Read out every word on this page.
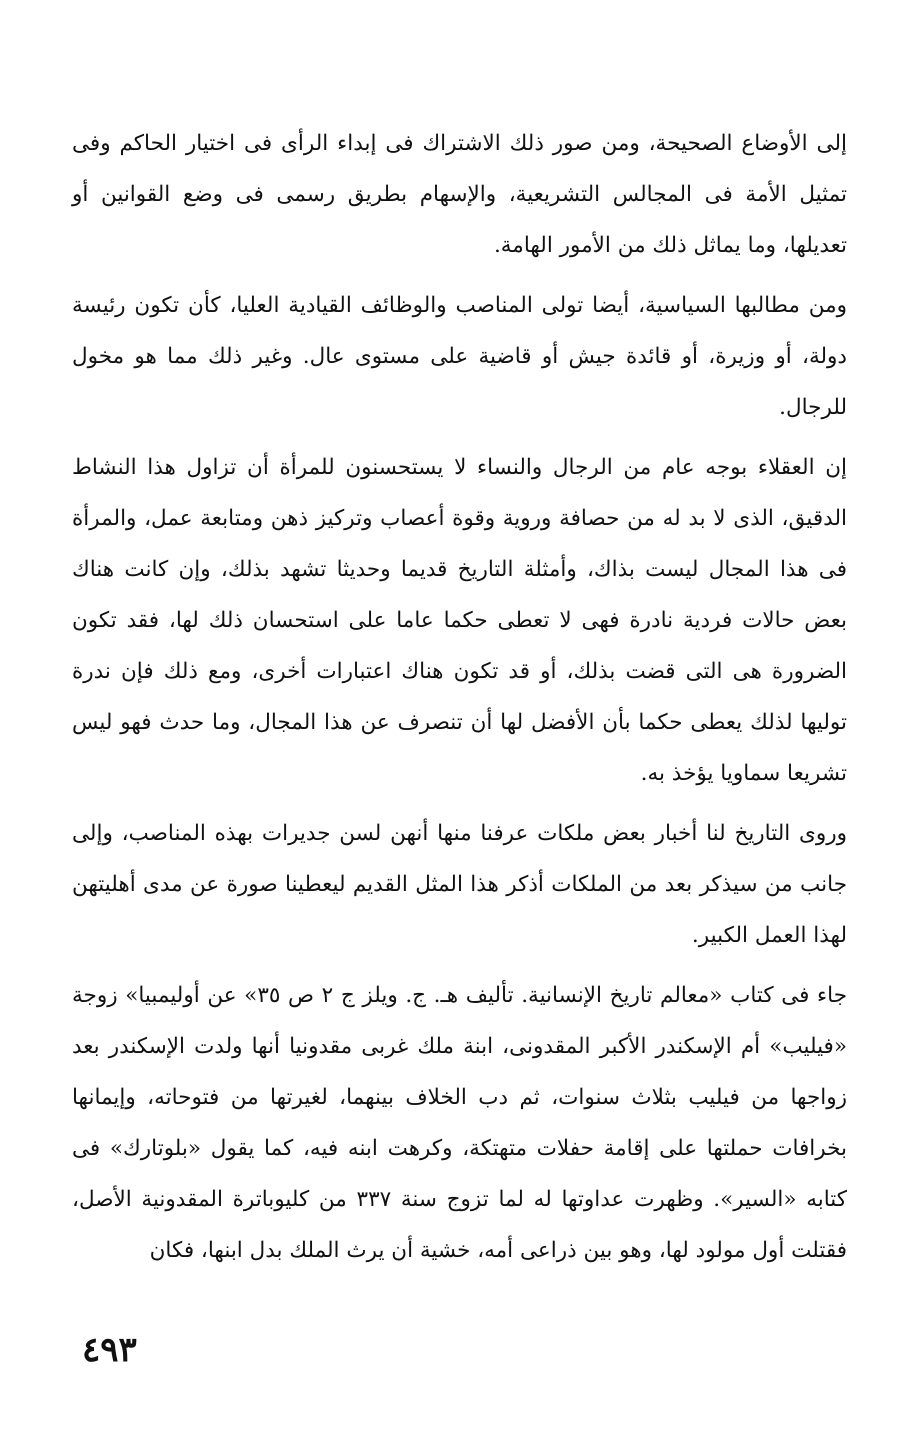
إلى الأوضاع الصحيحة، ومن صور ذلك الاشتراك فى إبداء الرأى فى اختيار الحاكم وفى تمثيل الأمة فى المجالس التشريعية، والإسهام بطريق رسمى فى وضع القوانين أو تعديلها، وما يماثل ذلك من الأمور الهامة.

ومن مطالبها السياسية، أيضا تولى المناصب والوظائف القيادية العليا، كأن تكون رئيسة دولة، أو وزيرة، أو قائدة جيش أو قاضية على مستوى عال. وغير ذلك مما هو مخول للرجال.

إن العقلاء بوجه عام من الرجال والنساء لا يستحسنون للمرأة أن تزاول هذا النشاط الدقيق، الذى لا بد له من حصافة وروية وقوة أعصاب وتركيز ذهن ومتابعة عمل، والمرأة فى هذا المجال ليست بذاك، وأمثلة التاريخ قديما وحديثا تشهد بذلك، وإن كانت هناك بعض حالات فردية نادرة فهى لا تعطى حكما عاما على استحسان ذلك لها، فقد تكون الضرورة هى التى قضت بذلك، أو قد تكون هناك اعتبارات أخرى، ومع ذلك فإن ندرة توليها لذلك يعطى حكما بأن الأفضل لها أن تنصرف عن هذا المجال، وما حدث فهو ليس تشريعا سماويا يؤخذ به.

وروى التاريخ لنا أخبار بعض ملكات عرفنا منها أنهن لسن جديرات بهذه المناصب، وإلى جانب من سيذكر بعد من الملكات أذكر هذا المثل القديم ليعطينا صورة عن مدى أهليتهن لهذا العمل الكبير.

جاء فى كتاب «معالم تاريخ الإنسانية. تأليف هـ. ج. ويلز ج ٢ ص ٣٥» عن أوليمبيا» زوجة «فيليب» أم الإسكندر الأكبر المقدونى، ابنة ملك غربى مقدونيا أنها ولدت الإسكندر بعد زواجها من فيليب بثلاث سنوات، ثم دب الخلاف بينهما، لغيرتها من فتوحاته، وإيمانها بخرافات حملتها على إقامة حفلات متهتكة، وكرهت ابنه فيه، كما يقول «بلوتارك» فى كتابه «السير». وظهرت عداوتها له لما تزوج سنة ٣٣٧ من كليوباترة المقدونية الأصل، فقتلت أول مولود لها، وهو بين ذراعى أمه، خشية أن يرث الملك بدل ابنها، فكان

٤٩٣
